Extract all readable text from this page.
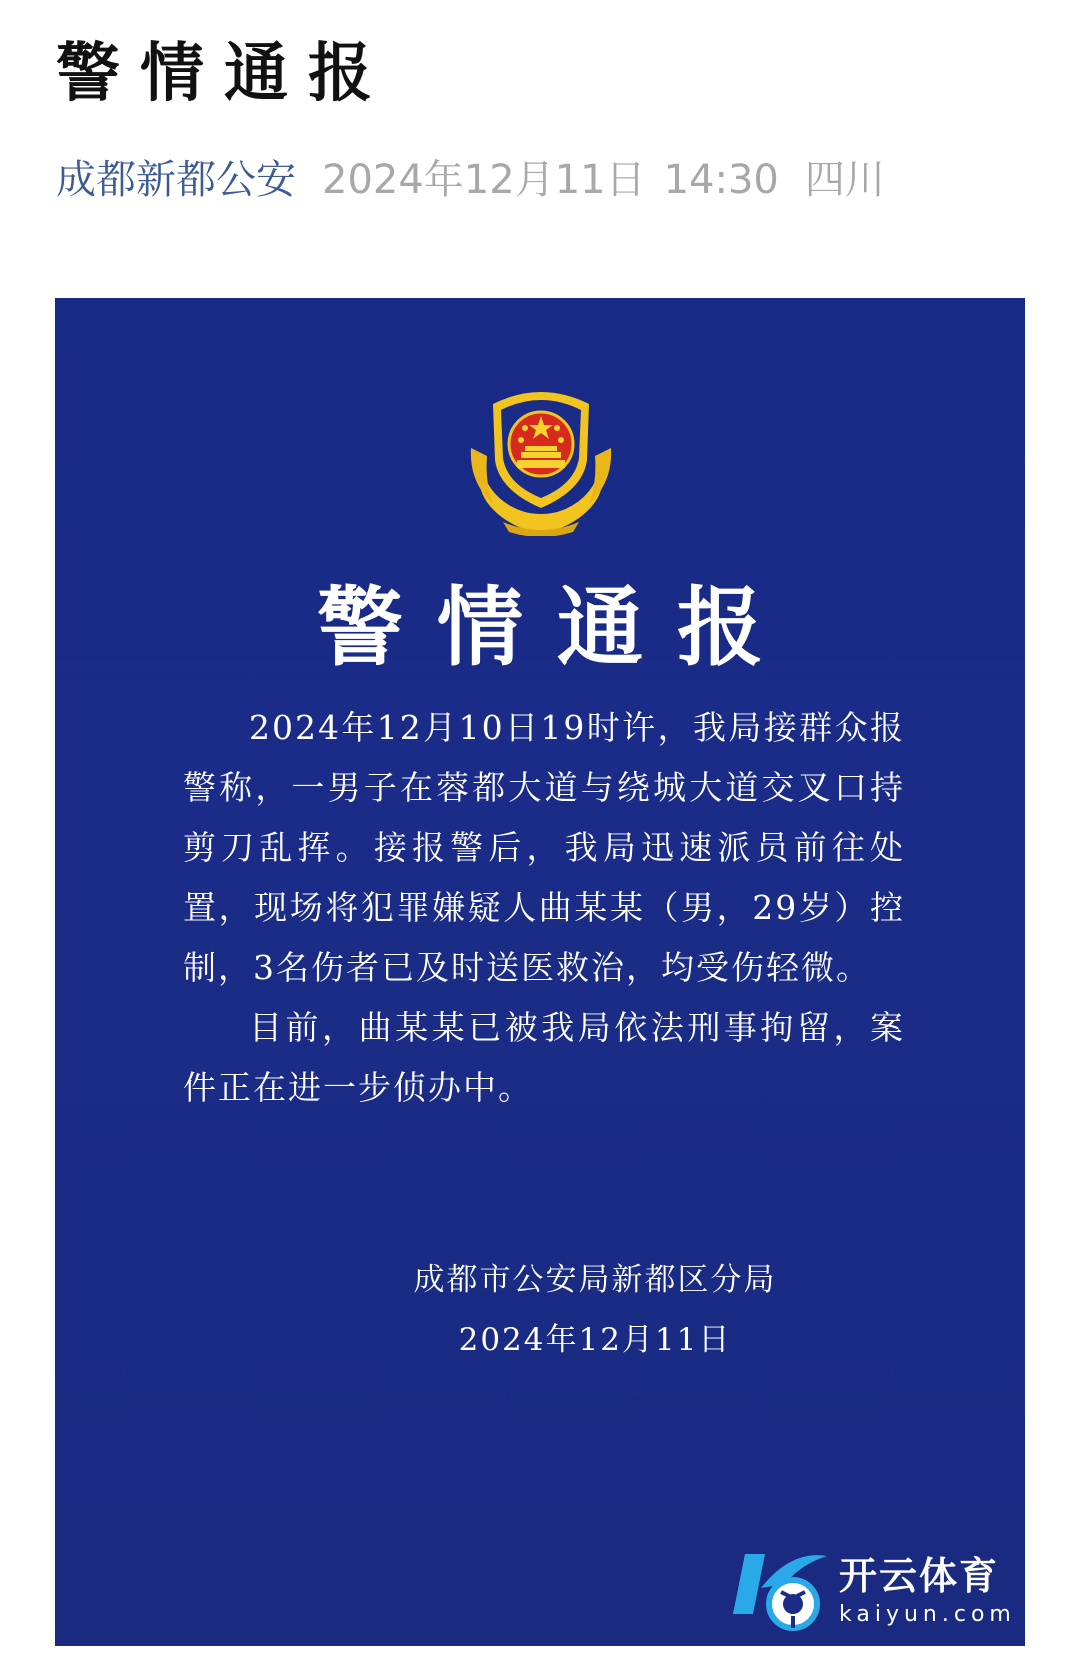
警情通报
成都新都公安 2024年12月11日 14:30 四川
警情通报

2024年12月10日19时许，我局接群众报警称，一男子在蓉都大道与绕城大道交叉口持剪刀乱挥。接报警后，我局迅速派员前往处置，现场将犯罪嫌疑人曲某某（男，29岁）控制，3名伤者已及时送医救治，均受伤轻微。

目前，曲某某已被我局依法刑事拘留，案件正在进一步侦办中。

成都市公安局新都区分局
2024年12月11日
开云体育
kaiyun.com
